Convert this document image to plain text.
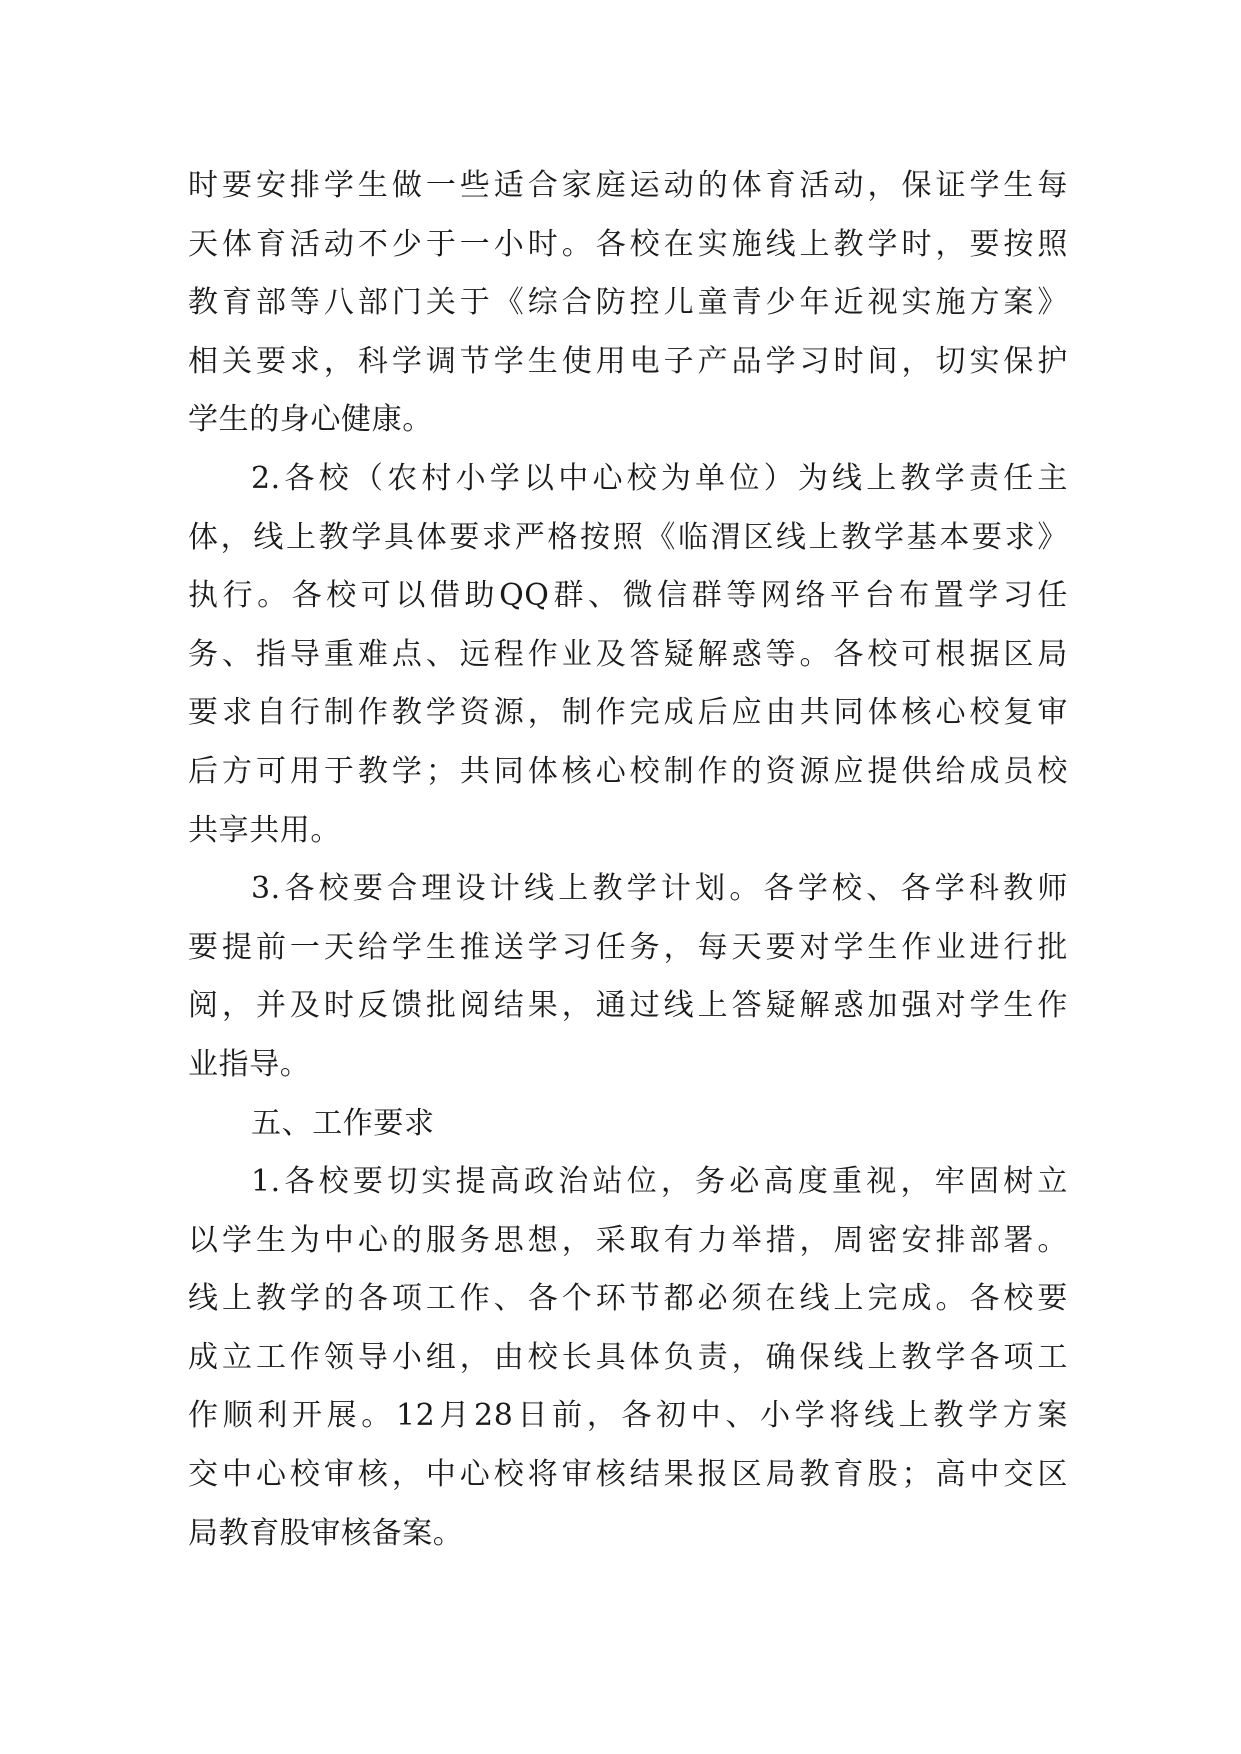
时要安排学生做一些适合家庭运动的体育活动，保证学生每
天体育活动不少于一小时。各校在实施线上教学时，要按照
教育部等八部门关于《综合防控儿童青少年近视实施方案》
相关要求，科学调节学生使用电子产品学习时间，切实保护
学生的身心健康。
2.各校（农村小学以中心校为单位）为线上教学责任主
体，线上教学具体要求严格按照《临渭区线上教学基本要求》
执行。各校可以借助QQ群、微信群等网络平台布置学习任
务、指导重难点、远程作业及答疑解惑等。各校可根据区局
要求自行制作教学资源，制作完成后应由共同体核心校复审
后方可用于教学；共同体核心校制作的资源应提供给成员校
共享共用。
3.各校要合理设计线上教学计划。各学校、各学科教师
要提前一天给学生推送学习任务，每天要对学生作业进行批
阅，并及时反馈批阅结果，通过线上答疑解惑加强对学生作
业指导。
五、工作要求
1.各校要切实提高政治站位，务必高度重视，牢固树立
以学生为中心的服务思想，采取有力举措，周密安排部署。
线上教学的各项工作、各个环节都必须在线上完成。各校要
成立工作领导小组，由校长具体负责，确保线上教学各项工
作顺利开展。12月28日前，各初中、小学将线上教学方案
交中心校审核，中心校将审核结果报区局教育股；高中交区
局教育股审核备案。
